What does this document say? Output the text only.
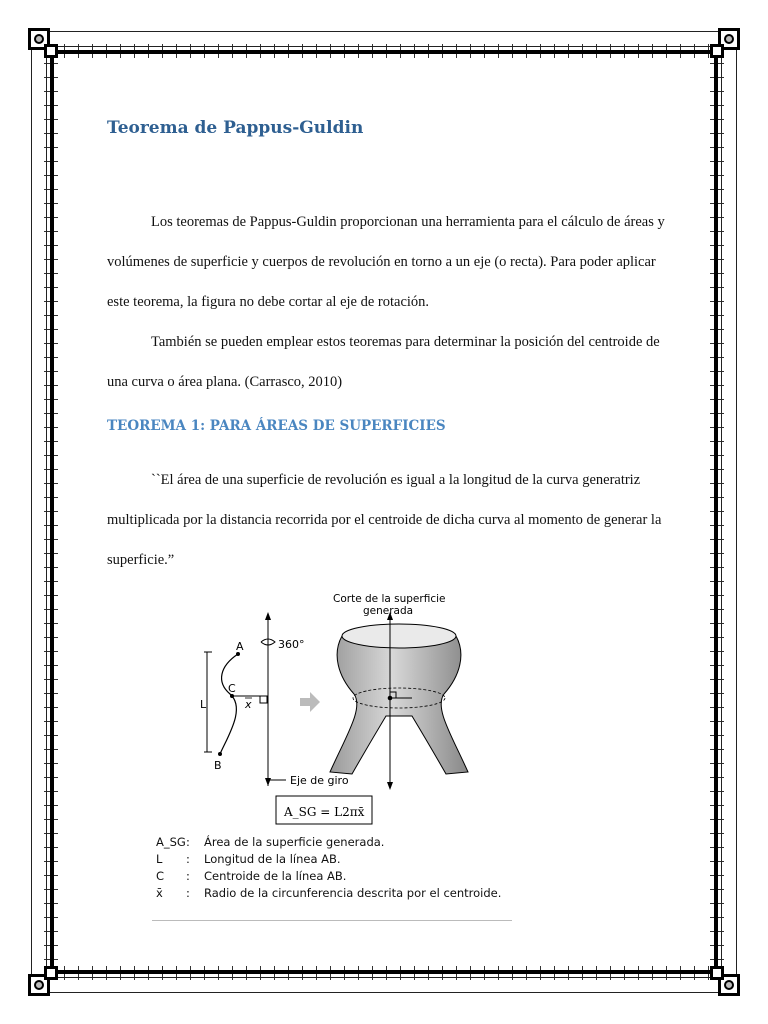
Teorema de Pappus-Guldin

Los teoremas de Pappus-Guldin proporcionan una herramienta para el cálculo de áreas y volúmenes de superficie y cuerpos de revolución en torno a un eje (o recta). Para poder aplicar este teorema, la figura no debe cortar al eje de rotación.

También se pueden emplear estos teoremas para determinar la posición del centroide de una curva o área plana. (Carrasco, 2010)

TEOREMA 1: PARA ÁREAS DE SUPERFICIES

``El área de una superficie de revolución es igual a la longitud de la curva generatriz multiplicada por la distancia recorrida por el centroide de dicha curva al momento de generar la superficie.”

360°
L
A
B
C
x
Corte de la superficie
generada
Eje de giro
A_SG = L2πx̄
A_SG :	Área de la superficie generada.
L	:	Longitud de la línea AB.
C	:	Centroide de la línea AB.
x̄	:	Radio de la circunferencia descrita por el centroide.
